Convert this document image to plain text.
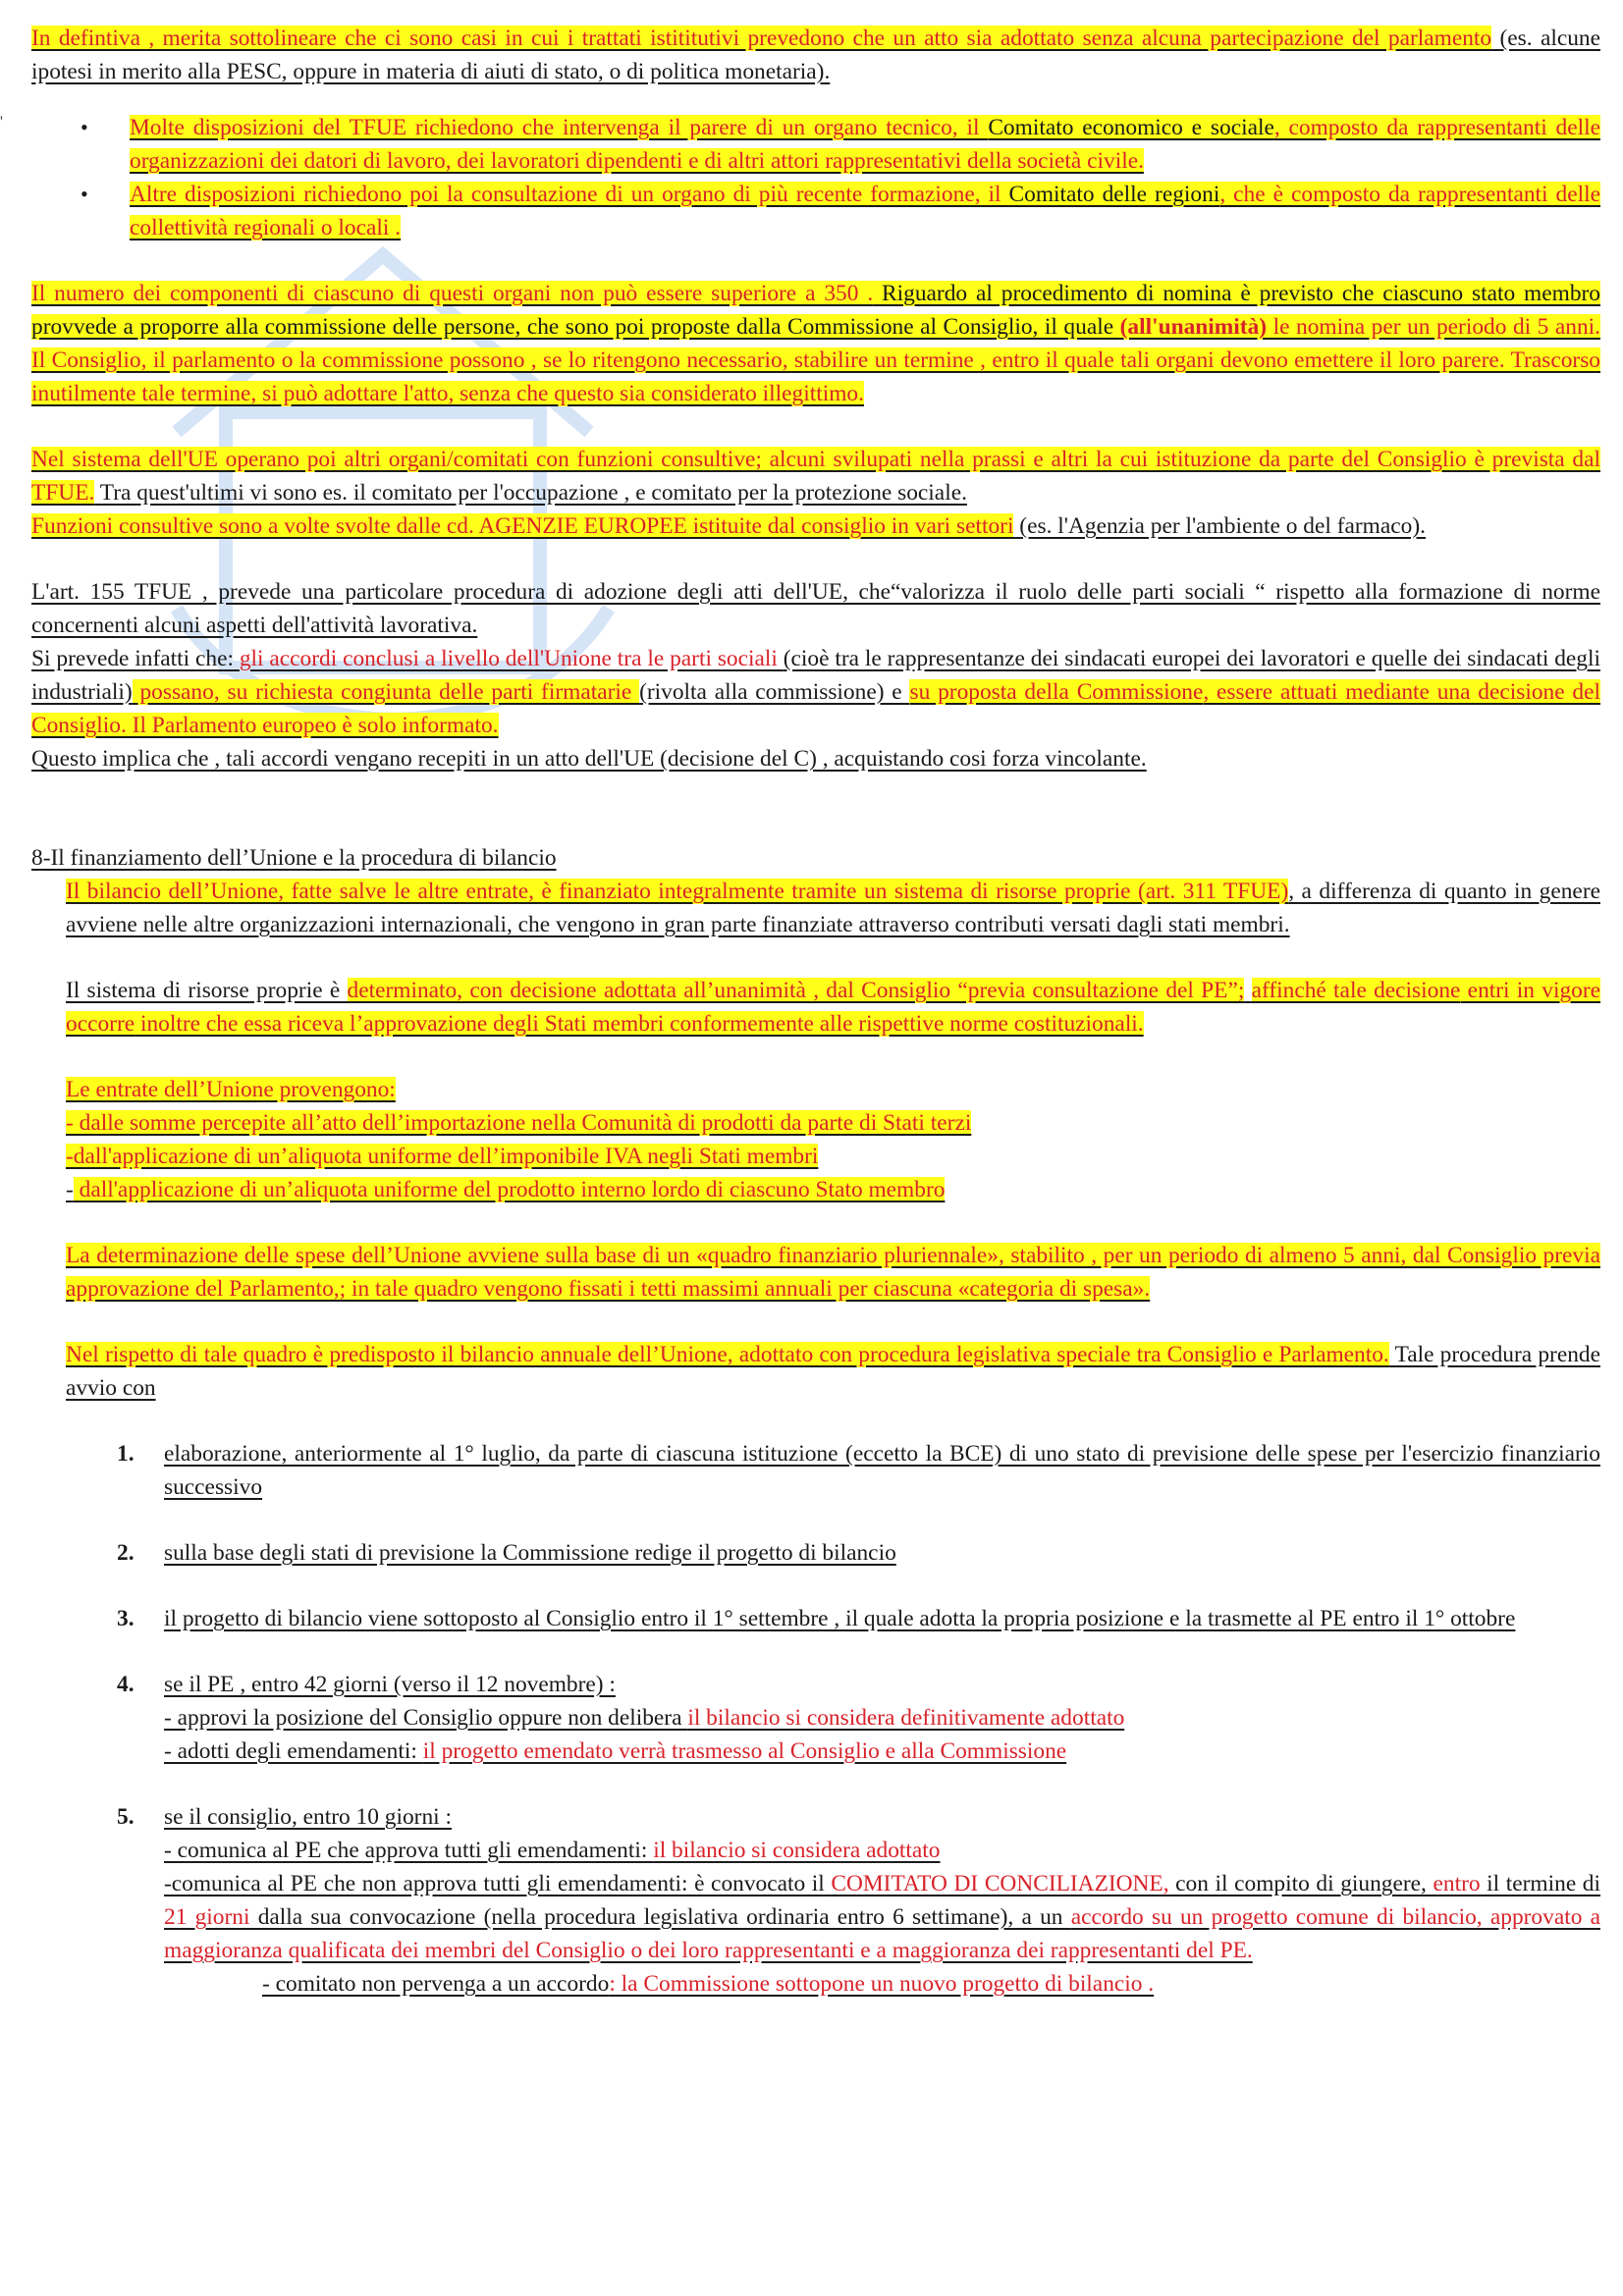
'

In defintiva , merita sottolineare che ci sono casi in cui i trattati istititutivi prevedono che un atto sia adottato senza alcuna partecipazione del parlamento (es. alcune ipotesi in merito alla PESC, oppure in materia di aiuti di stato, o di politica monetaria).

• Molte disposizioni del TFUE richiedono che intervenga il parere di un organo tecnico, il Comitato economico e sociale, composto da rappresentanti delle organizzazioni dei datori di lavoro, dei lavoratori dipendenti e di altri attori rappresentativi della società civile.

• Altre disposizioni richiedono poi la consultazione di un organo di più recente formazione, il Comitato delle regioni, che è composto da rappresentanti delle collettività regionali o locali .

Il numero dei componenti di ciascuno di questi organi non può essere superiore a 350 . Riguardo al procedimento di nomina è previsto che ciascuno stato membro provvede a proporre alla commissione delle persone, che sono poi proposte dalla Commissione al Consiglio, il quale (all'unanimità) le nomina per un periodo di 5 anni. Il Consiglio, il parlamento o la commissione possono , se lo ritengono necessario, stabilire un termine , entro il quale tali organi devono emettere il loro parere. Trascorso inutilmente tale termine, si può adottare l'atto, senza che questo sia considerato illegittimo.

Nel sistema dell'UE operano poi altri organi/comitati con funzioni consultive; alcuni svilupati nella prassi e altri la cui istituzione da parte del Consiglio è prevista dal TFUE. Tra quest'ultimi vi sono es. il comitato per l'occupazione , e comitato per la protezione sociale.
Funzioni consultive sono a volte svolte dalle cd. AGENZIE EUROPEE istituite dal consiglio in vari settori (es. l'Agenzia per l'ambiente o del farmaco).

L'art. 155 TFUE , prevede una particolare procedura di adozione degli atti dell'UE, che“valorizza il ruolo delle parti sociali “ rispetto alla formazione di norme concernenti alcuni aspetti dell'attività lavorativa.
Si prevede infatti che: gli accordi conclusi a livello dell'Unione tra le parti sociali (cioè tra le rappresentanze dei sindacati europei dei lavoratori e quelle dei sindacati degli industriali) possano, su richiesta congiunta delle parti firmatarie (rivolta alla commissione) e su proposta della Commissione, essere attuati mediante una decisione del Consiglio. Il Parlamento europeo è solo informato.
Questo implica che , tali accordi vengano recepiti in un atto dell'UE (decisione del C) , acquistando cosi forza vincolante.

8-Il finanziamento dell’Unione e la procedura di bilancio

Il bilancio dell’Unione, fatte salve le altre entrate, è finanziato integralmente tramite un sistema di risorse proprie (art. 311 TFUE), a differenza di quanto in genere avviene nelle altre organizzazioni internazionali, che vengono in gran parte finanziate attraverso contributi versati dagli stati membri.

Il sistema di risorse proprie è determinato, con decisione adottata all’unanimità , dal Consiglio “previa consultazione del PE”; affinché tale decisione entri in vigore occorre inoltre che essa riceva l’approvazione degli Stati membri conformemente alle rispettive norme costituzionali.

Le entrate dell’Unione provengono:
- dalle somme percepite all’atto dell’importazione nella Comunità di prodotti da parte di Stati terzi
-dall'applicazione di un’aliquota uniforme dell’imponibile IVA negli Stati membri
- dall'applicazione di un’aliquota uniforme del prodotto interno lordo di ciascuno Stato membro

La determinazione delle spese dell’Unione avviene sulla base di un «quadro finanziario pluriennale», stabilito , per un periodo di almeno 5 anni, dal Consiglio previa approvazione del Parlamento,; in tale quadro vengono fissati i tetti massimi annuali per ciascuna «categoria di spesa».

Nel rispetto di tale quadro è predisposto il bilancio annuale dell’Unione, adottato con procedura legislativa speciale tra Consiglio e Parlamento. Tale procedura prende avvio con

1. elaborazione, anteriormente al 1° luglio, da parte di ciascuna istituzione (eccetto la BCE) di uno stato di previsione delle spese per l'esercizio finanziario successivo

2. sulla base degli stati di previsione la Commissione redige il progetto di bilancio

3. il progetto di bilancio viene sottoposto al Consiglio entro il 1° settembre , il quale adotta la propria posizione e la trasmette al PE entro il 1° ottobre

4. se il PE , entro 42 giorni (verso il 12 novembre) :
- approvi la posizione del Consiglio oppure non delibera il bilancio si considera definitivamente adottato
- adotti degli emendamenti: il progetto emendato verrà trasmesso al Consiglio e alla Commissione

5. se il consiglio, entro 10 giorni :
- comunica al PE che approva tutti gli emendamenti: il bilancio si considera adottato
-comunica al PE che non approva tutti gli emendamenti: è convocato il COMITATO DI CONCILIAZIONE, con il compito di giungere, entro il termine di 21 giorni dalla sua convocazione (nella procedura legislativa ordinaria entro 6 settimane), a un accordo su un progetto comune di bilancio, approvato a maggioranza qualificata dei membri del Consiglio o dei loro rappresentanti e a maggioranza dei rappresentanti del PE.

- comitato non pervenga a un accordo: la Commissione sottopone un nuovo progetto di bilancio .
